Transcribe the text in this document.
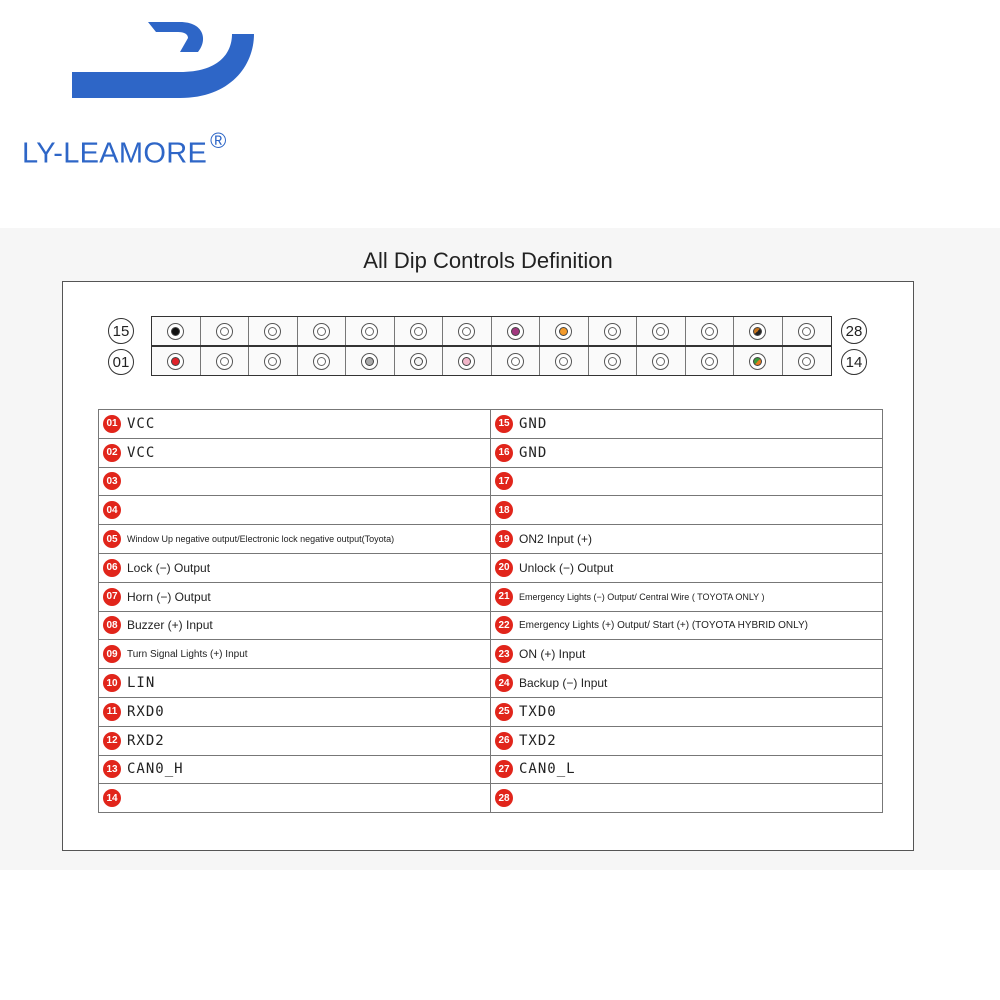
LY-LEAMORE ®
All Dip Controls Definition
15
01
28
14
01 VCC	15 GND

02 VCC	16 GND

03	17

04	18

05 Window Up negative output/Electronic lock negative output(Toyota)	19 ON2 Input (+)

06 Lock (−) Output	20 Unlock (−) Output

07 Horn (−) Output	21 Emergency Lights (−) Output/ Central Wire ( TOYOTA ONLY )

08 Buzzer (+) Input	22 Emergency Lights (+) Output/ Start (+) (TOYOTA HYBRID ONLY)

09 Turn Signal Lights (+) Input	23 ON (+) Input

10 LIN	24 Backup (−) Input

11 RXD0	25 TXD0

12 RXD2	26 TXD2

13 CAN0_H	27 CAN0_L

14	28
